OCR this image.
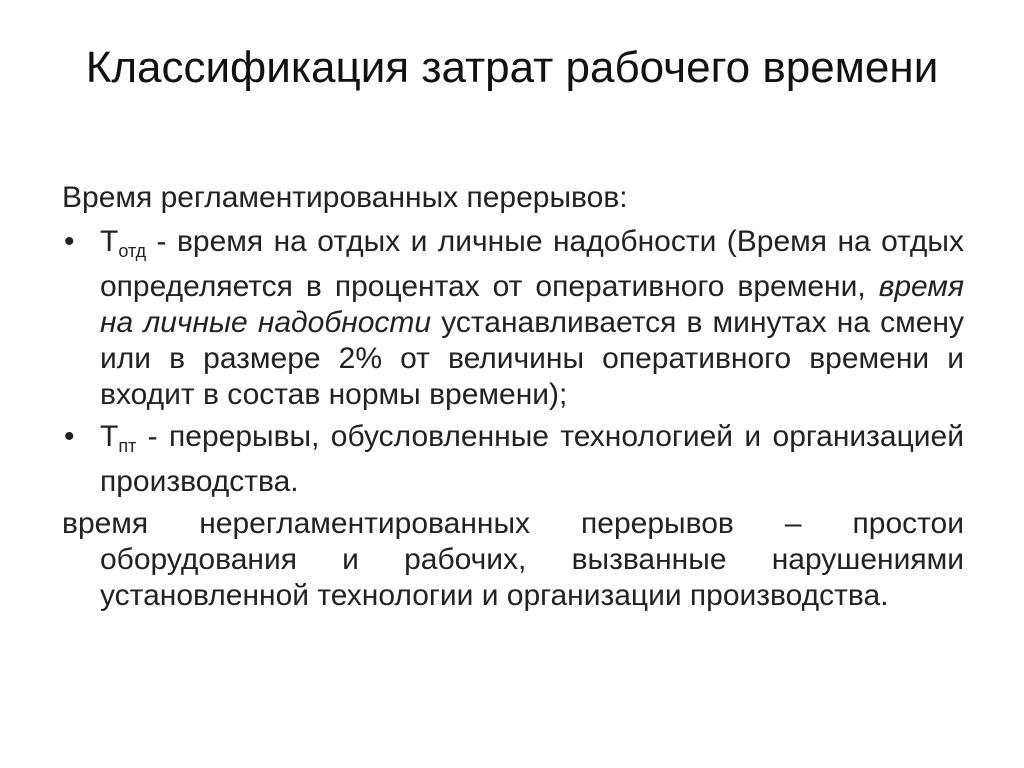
Классификация затрат рабочего времени

Время регламентированных перерывов:

• $Т_{отд}$ - время на отдых и личные надобности (Время на отдых определяется в процентах от оперативного времени, время на личные надобности устанавливается в минутах на смену или в размере 2% от величины оперативного времени и входит в состав нормы времени);
• $Т_{пт}$ - перерывы, обусловленные технологией и организацией производства.

время нерегламентированных перерывов – простои оборудования и рабочих, вызванные нарушениями установленной технологии и организации производства.
